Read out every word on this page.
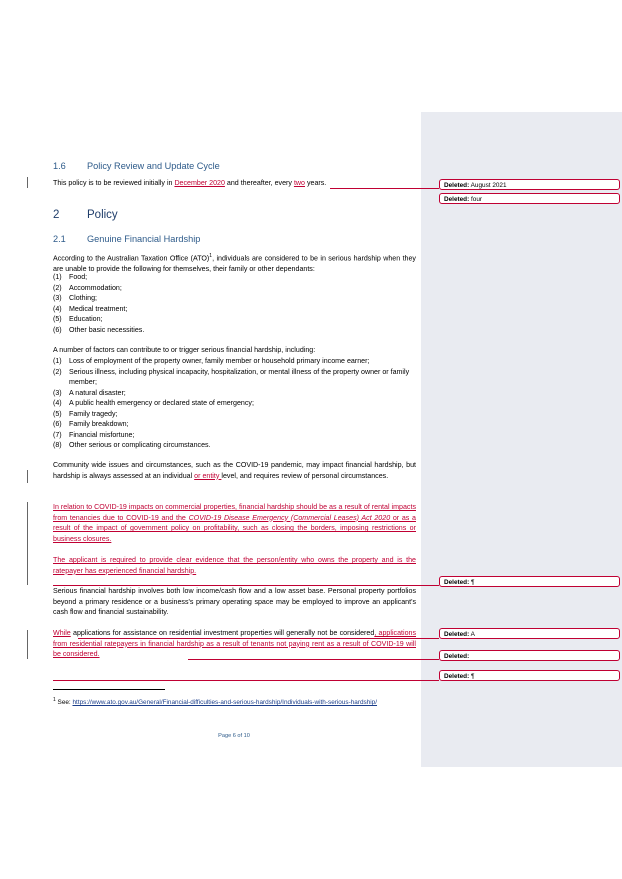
1.6 Policy Review and Update Cycle
This policy is to be reviewed initially in December 2020 and thereafter, every two years.
2 Policy
2.1 Genuine Financial Hardship
According to the Australian Taxation Office (ATO)$^1$, individuals are considered to be in serious hardship when they are unable to provide the following for themselves, their family or other dependants:
(1) Food;
(2) Accommodation;
(3) Clothing;
(4) Medical treatment;
(5) Education;
(6) Other basic necessities.
A number of factors can contribute to or trigger serious financial hardship, including:
(1) Loss of employment of the property owner, family member or household primary income earner;
(2) Serious illness, including physical incapacity, hospitalization, or mental illness of the property owner or family member;
(3) A natural disaster;
(4) A public health emergency or declared state of emergency;
(5) Family tragedy;
(6) Family breakdown;
(7) Financial misfortune;
(8) Other serious or complicating circumstances.
Community wide issues and circumstances, such as the COVID-19 pandemic, may impact financial hardship, but hardship is always assessed at an individual or entity level, and requires review of personal circumstances.
In relation to COVID-19 impacts on commercial properties, financial hardship should be as a result of rental impacts from tenancies due to COVID-19 and the COVID-19 Disease Emergency (Commercial Leases) Act 2020 or as a result of the impact of government policy on profitability, such as closing the borders, imposing restrictions or business closures.
The applicant is required to provide clear evidence that the person/entity who owns the property and is the ratepayer has experienced financial hardship.
Serious financial hardship involves both low income/cash flow and a low asset base. Personal property portfolios beyond a primary residence or a business's primary operating space may be employed to improve an applicant's cash flow and financial sustainability.
While applications for assistance on residential investment properties will generally not be considered, applications from residential ratepayers in financial hardship as a result of tenants not paying rent as a result of COVID-19 will be considered.
$^1$ See: https://www.ato.gov.au/General/Financial-difficulties-and-serious-hardship/Individuals-with-serious-hardship/
Page 6 of 10
Deleted: August 2021
Deleted: four
Deleted: ¶
Deleted: A
Deleted:
Deleted: ¶
